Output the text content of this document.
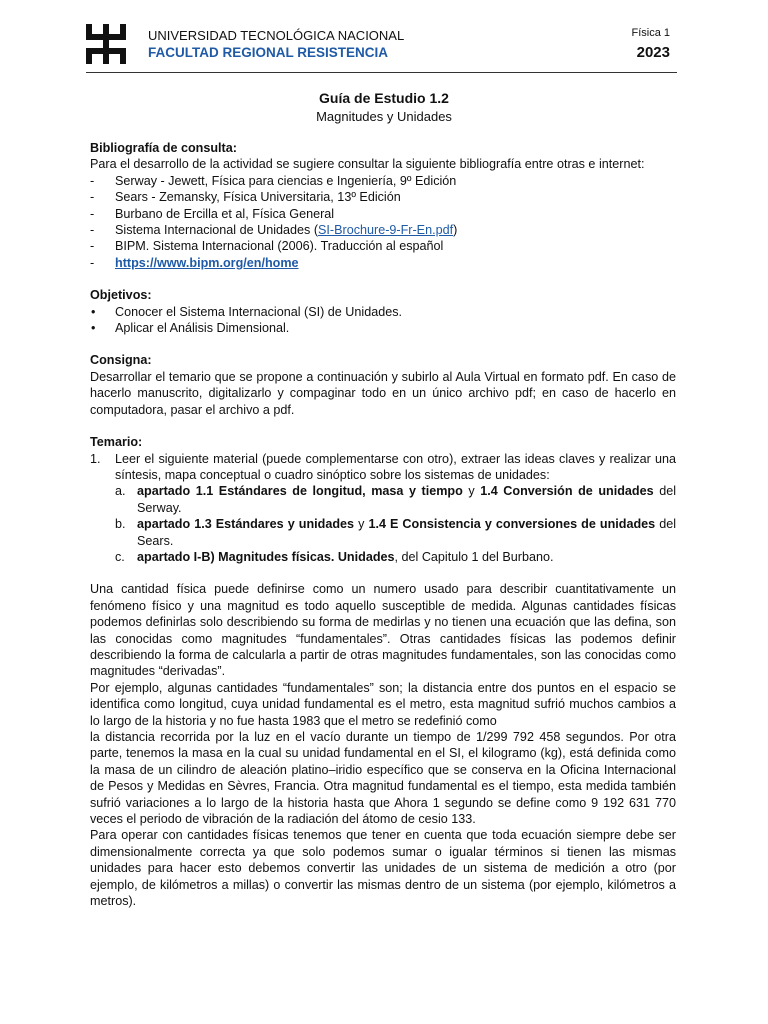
UNIVERSIDAD TECNOLÓGICA NACIONAL
FACULTAD REGIONAL RESISTENCIA
Física 1
2023
Guía de Estudio 1.2
Magnitudes y Unidades
Bibliografía de consulta:
Para el desarrollo de la actividad se sugiere consultar la siguiente bibliografía entre otras e internet:
- Serway - Jewett, Física para ciencias e Ingeniería, 9º Edición
- Sears - Zemansky, Física Universitaria, 13º Edición
- Burbano de Ercilla et al, Física General
- Sistema Internacional de Unidades (SI-Brochure-9-Fr-En.pdf)
- BIPM. Sistema Internacional (2006). Traducción al español
- https://www.bipm.org/en/home
Objetivos:
• Conocer el Sistema Internacional (SI) de Unidades.
• Aplicar el Análisis Dimensional.
Consigna:
Desarrollar el temario que se propone a continuación y subirlo al Aula Virtual en formato pdf. En caso de hacerlo manuscrito, digitalizarlo y compaginar todo en un único archivo pdf; en caso de hacerlo en computadora, pasar el archivo a pdf.
Temario:
1. Leer el siguiente material (puede complementarse con otro), extraer las ideas claves y realizar una síntesis, mapa conceptual o cuadro sinóptico sobre los sistemas de unidades:
a. apartado 1.1 Estándares de longitud, masa y tiempo y 1.4 Conversión de unidades del Serway.
b. apartado 1.3 Estándares y unidades y 1.4 E Consistencia y conversiones de unidades del Sears.
c. apartado I-B) Magnitudes físicas. Unidades, del Capitulo 1 del Burbano.
Una cantidad física puede definirse como un numero usado para describir cuantitativamente un fenómeno físico y una magnitud es todo aquello susceptible de medida. Algunas cantidades físicas podemos definirlas solo describiendo su forma de medirlas y no tienen una ecuación que las defina, son las conocidas como magnitudes “fundamentales”. Otras cantidades físicas las podemos definir describiendo la forma de calcularla a partir de otras magnitudes fundamentales, son las conocidas como magnitudes “derivadas”.
Por ejemplo, algunas cantidades “fundamentales” son; la distancia entre dos puntos en el espacio se identifica como longitud, cuya unidad fundamental es el metro, esta magnitud sufrió muchos cambios a lo largo de la historia y no fue hasta 1983 que el metro se redefinió como
la distancia recorrida por la luz en el vacío durante un tiempo de 1/299 792 458 segundos. Por otra parte, tenemos la masa en la cual su unidad fundamental en el SI, el kilogramo (kg), está definida como la masa de un cilindro de aleación platino–iridio específico que se conserva en la Oficina Internacional de Pesos y Medidas en Sèvres, Francia. Otra magnitud fundamental es el tiempo, esta medida también sufrió variaciones a lo largo de la historia hasta que Ahora 1 segundo se define como 9 192 631 770 veces el periodo de vibración de la radiación del átomo de cesio 133.
Para operar con cantidades físicas tenemos que tener en cuenta que toda ecuación siempre debe ser dimensionalmente correcta ya que solo podemos sumar o igualar términos si tienen las mismas unidades para hacer esto debemos convertir las unidades de un sistema de medición a otro (por ejemplo, de kilómetros a millas) o convertir las mismas dentro de un sistema (por ejemplo, kilómetros a metros).
